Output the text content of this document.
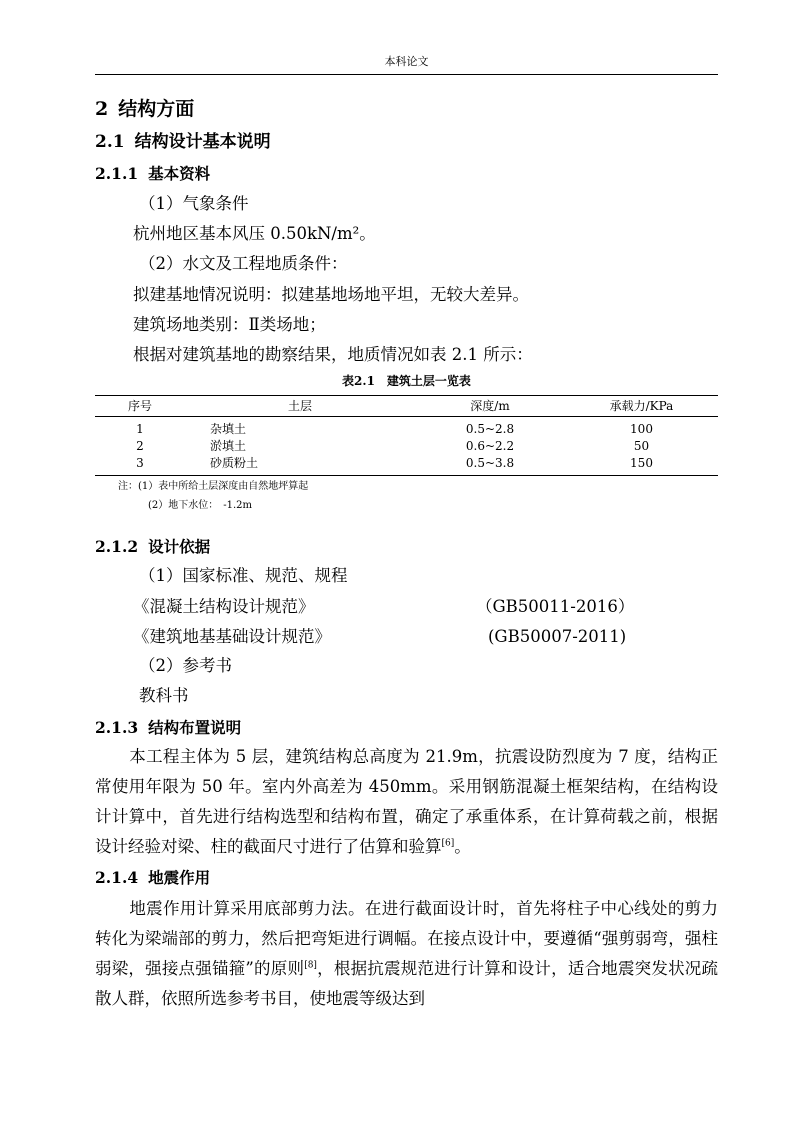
本科论文
2 结构方面
2.1 结构设计基本说明
2.1.1 基本资料
（1）气象条件
杭州地区基本风压 0.50kN/m²。
（2）水文及工程地质条件：
拟建基地情况说明：拟建基地场地平坦，无较大差异。
建筑场地类别：Ⅱ类场地；
根据对建筑基地的勘察结果，地质情况如表 2.1 所示：
表2.1　建筑土层一览表
序号	土层	深度/m	承载力/KPa
1	杂填土	0.5~2.8	100
2	淤填土	0.6~2.2	50
3	砂质粉土	0.5~3.8	150
注：(1）表中所给土层深度由自然地坪算起
(2）地下水位：　-1.2m
2.1.2 设计依据
（1）国家标准、规范、规程
《混凝土结构设计规范》	（GB50011-2016）
《建筑地基基础设计规范》	(GB50007-2011)
（2）参考书
教科书
2.1.3 结构布置说明
本工程主体为 5 层，建筑结构总高度为 21.9m，抗震设防烈度为 7 度，结构正常使用年限为 50 年。室内外高差为 450mm。采用钢筋混凝土框架结构，在结构设计计算中，首先进行结构选型和结构布置，确定了承重体系，在计算荷载之前，根据设计经验对梁、柱的截面尺寸进行了估算和验算[6]。
2.1.4 地震作用
地震作用计算采用底部剪力法。在进行截面设计时，首先将柱子中心线处的剪力转化为梁端部的剪力，然后把弯矩进行调幅。在接点设计中，要遵循“强剪弱弯，强柱弱梁，强接点强锚箍”的原则[8]，根据抗震规范进行计算和设计，适合地震突发状况疏散人群，依照所选参考书目，使地震等级达到
